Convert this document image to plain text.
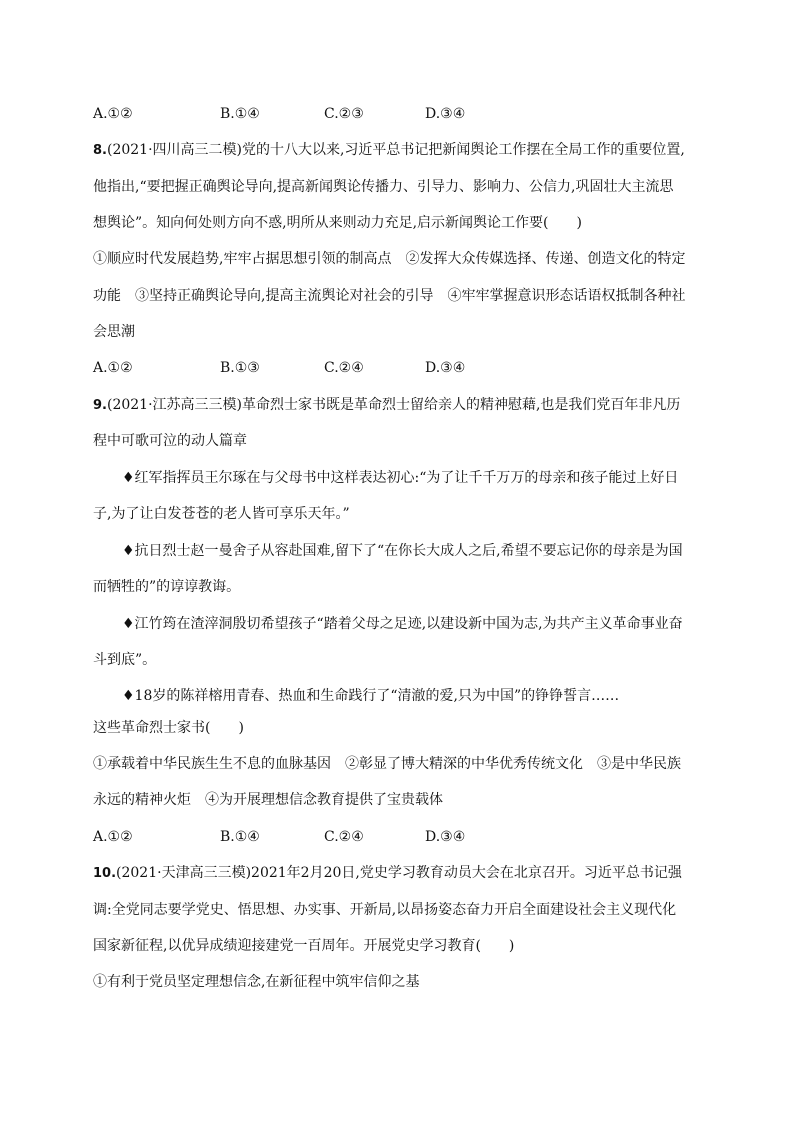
A.①②	B.①④	C.②③	D.③④
8.(2021·四川高三二模)党的十八大以来,习近平总书记把新闻舆论工作摆在全局工作的重要位置,
他指出,“要把握正确舆论导向,提高新闻舆论传播力、引导力、影响力、公信力,巩固壮大主流思
想舆论”。知向何处则方向不惑,明所从来则动力充足,启示新闻舆论工作要(　　)
①顺应时代发展趋势,牢牢占据思想引领的制高点　②发挥大众传媒选择、传递、创造文化的特定
功能　③坚持正确舆论导向,提高主流舆论对社会的引导　④牢牢掌握意识形态话语权抵制各种社
会思潮
A.①②	B.①③	C.②④	D.③④
9.(2021·江苏高三三模)革命烈士家书既是革命烈士留给亲人的精神慰藉,也是我们党百年非凡历
程中可歌可泣的动人篇章
♦红军指挥员王尔琢在与父母书中这样表达初心:“为了让千千万万的母亲和孩子能过上好日
子,为了让白发苍苍的老人皆可享乐天年。”
♦抗日烈士赵一曼舍子从容赴国难,留下了“在你长大成人之后,希望不要忘记你的母亲是为国
而牺牲的”的谆谆教诲。
♦江竹筠在渣滓洞殷切希望孩子“踏着父母之足迹,以建设新中国为志,为共产主义革命事业奋
斗到底”。
♦18岁的陈祥榕用青春、热血和生命践行了“清澈的爱,只为中国”的铮铮誓言……
这些革命烈士家书(　　)
①承载着中华民族生生不息的血脉基因　②彰显了博大精深的中华优秀传统文化　③是中华民族
永远的精神火炬　④为开展理想信念教育提供了宝贵载体
A.①②	B.①④	C.②④	D.③④
10.(2021·天津高三三模)2021年2月20日,党史学习教育动员大会在北京召开。习近平总书记强
调:全党同志要学党史、悟思想、办实事、开新局,以昂扬姿态奋力开启全面建设社会主义现代化
国家新征程,以优异成绩迎接建党一百周年。开展党史学习教育(　　)
①有利于党员坚定理想信念,在新征程中筑牢信仰之基
